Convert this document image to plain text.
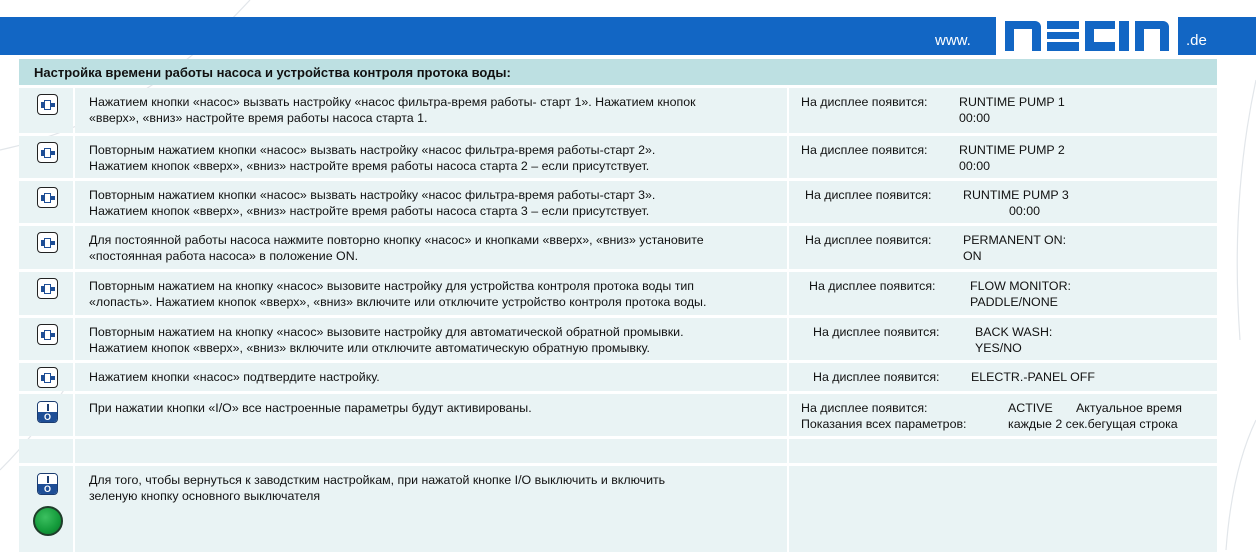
www.	.de
Настройка времени работы насоса и устройства контроля протока воды:
Нажатием кнопки «насос» вызвать настройку «насос фильтра-время работы- старт 1». Нажатием кнопок
«вверх», «вниз» настройте время работы насоса старта 1.
На дисплее появится:	RUNTIME PUMP 1
00:00
Повторным нажатием кнопки «насос» вызвать настройку «насос фильтра-время работы-старт 2».
Нажатием кнопок «вверх», «вниз» настройте время работы насоса старта 2 – если присутствует.
На дисплее появится:	RUNTIME PUMP 2
00:00
Повторным нажатием кнопки «насос» вызвать настройку «насос фильтра-время работы-старт 3».
Нажатием кнопок «вверх», «вниз» настройте время работы насоса старта 3 – если присутствует.
На дисплее появится:	RUNTIME PUMP 3
00:00
Для постоянной работы насоса нажмите повторно кнопку «насос» и кнопками «вверх», «вниз» установите
«постоянная работа насоса» в положение ON.
На дисплее появится:	PERMANENT ON:
ON
Повторным нажатием на кнопку «насос» вызовите настройку для устройства контроля протока воды тип
«лопасть». Нажатием кнопок «вверх», «вниз» включите или отключите устройство контроля протока воды.
На дисплее появится:	FLOW MONITOR:
PADDLE/NONE
Повторным нажатием на кнопку «насос» вызовите настройку для автоматической обратной промывки.
Нажатием кнопок «вверх», «вниз» включите или отключите автоматическую обратную промывку.
На дисплее появится:	BACK WASH:
YES/NO
Нажатием кнопки «насос» подтвердите настройку.	На дисплее появится:	ELECTR.-PANEL OFF
O
При нажатии кнопки «I/O» все настроенные параметры будут активированы.	На дисплее появится:	ACTIVE Актуальное время
Показания всех параметров:	каждые 2 сек.бегущая строка
O
Для того, чтобы вернуться к заводстким настройкам, при нажатой кнопке I/O выключить и включить
зеленую кнопку основного выключателя
